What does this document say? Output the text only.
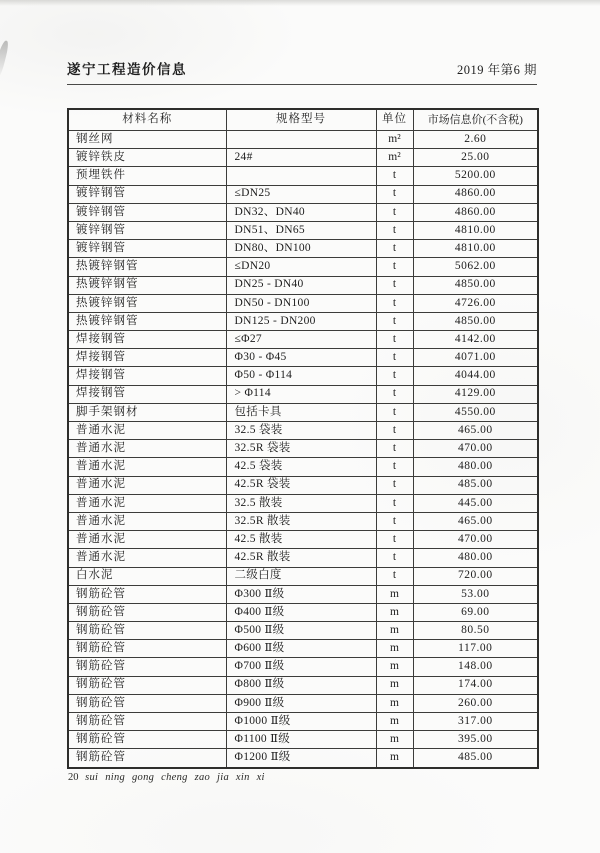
遂宁工程造价信息	2019 年第6 期
材料名称	规格型号	单位	市场信息价(不含税)
钢丝网		m²	2.60
镀锌铁皮	24#	m²	25.00
预埋铁件		t	5200.00
镀锌钢管	≤DN25	t	4860.00
镀锌钢管	DN32、DN40	t	4860.00
镀锌钢管	DN51、DN65	t	4810.00
镀锌钢管	DN80、DN100	t	4810.00
热镀锌钢管	≤DN20	t	5062.00
热镀锌钢管	DN25 - DN40	t	4850.00
热镀锌钢管	DN50 - DN100	t	4726.00
热镀锌钢管	DN125 - DN200	t	4850.00
焊接钢管	≤Φ27	t	4142.00
焊接钢管	Φ30 - Φ45	t	4071.00
焊接钢管	Φ50 - Φ114	t	4044.00
焊接钢管	> Φ114	t	4129.00
脚手架钢材	包括卡具	t	4550.00
普通水泥	32.5 袋装	t	465.00
普通水泥	32.5R 袋装	t	470.00
普通水泥	42.5 袋装	t	480.00
普通水泥	42.5R 袋装	t	485.00
普通水泥	32.5 散装	t	445.00
普通水泥	32.5R 散装	t	465.00
普通水泥	42.5 散装	t	470.00
普通水泥	42.5R 散装	t	480.00
白水泥	二级白度	t	720.00
钢筋砼管	Φ300 Ⅱ级	m	53.00
钢筋砼管	Φ400 Ⅱ级	m	69.00
钢筋砼管	Φ500 Ⅱ级	m	80.50
钢筋砼管	Φ600 Ⅱ级	m	117.00
钢筋砼管	Φ700 Ⅱ级	m	148.00
钢筋砼管	Φ800 Ⅱ级	m	174.00
钢筋砼管	Φ900 Ⅱ级	m	260.00
钢筋砼管	Φ1000 Ⅱ级	m	317.00
钢筋砼管	Φ1100 Ⅱ级	m	395.00
钢筋砼管	Φ1200 Ⅱ级	m	485.00
20 sui ning gong cheng zao jia xin xi
